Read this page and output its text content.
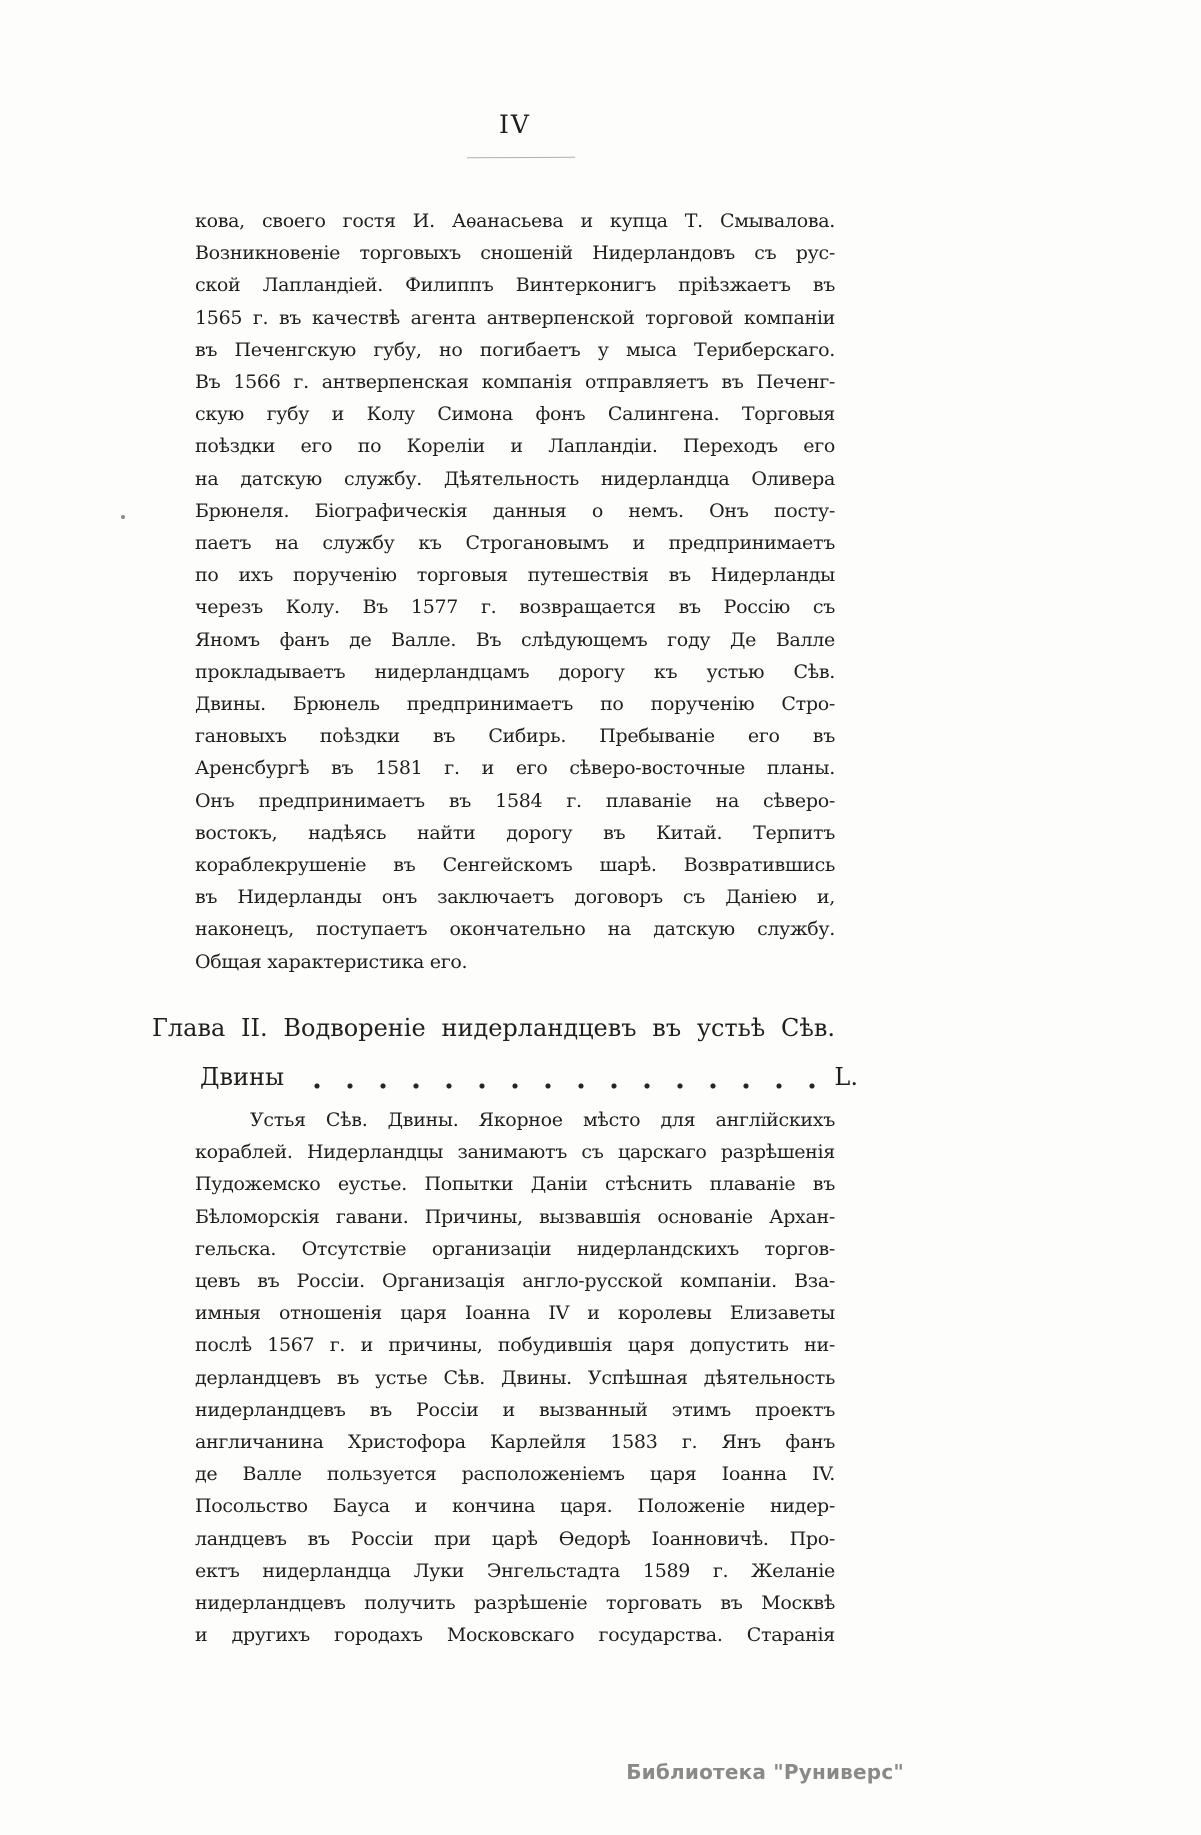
IV
кова, своего гостя И. Аѳанасьева и купца Т. Смывалова.
Возникновеніе торговыхъ сношеній Нидерландовъ съ рус-
ской Лапландіей. Филиппъ Винтерконигъ пріѣзжаетъ въ
1565 г. въ качествѣ агента антверпенской торговой компаніи
въ Печенгскую губу, но погибаетъ у мыса Териберскаго.
Въ 1566 г. антверпенская компанія отправляетъ въ Печенг-
скую губу и Колу Симона фонъ Салингена. Торговыя
поѣздки его по Кореліи и Лапландіи. Переходъ его
на датскую службу. Дѣятельность нидерландца Оливера
Брюнеля. Біографическія данныя о немъ. Онъ посту-
паетъ на службу къ Строгановымъ и предпринимаетъ
по ихъ порученію торговыя путешествія въ Нидерланды
черезъ Колу. Въ 1577 г. возвращается въ Россію съ
Яномъ фанъ де Валле. Въ слѣдующемъ году Де Валле
прокладываетъ нидерландцамъ дорогу къ устью Сѣв.
Двины. Брюнель предпринимаетъ по порученію Стро-
гановыхъ поѣздки въ Сибирь. Пребываніе его въ
Аренсбургѣ въ 1581 г. и его сѣверо-восточные планы.
Онъ предпринимаетъ въ 1584 г. плаваніе на сѣверо-
востокъ, надѣясь найти дорогу въ Китай. Терпитъ
кораблекрушеніе въ Сенгейскомъ шарѣ. Возвратившись
въ Нидерланды онъ заключаетъ договоръ съ Даніею и,
наконецъ, поступаетъ окончательно на датскую службу.
Общая характеристика его.
Глава II. Водвореніе нидерландцевъ въ устьѣ Сѣв.
Двины	L.
Устья Сѣв. Двины. Якорное мѣсто для англійскихъ
кораблей. Нидерландцы занимаютъ съ царскаго разрѣшенія
Пудожемско еустье. Попытки Даніи стѣснить плаваніе въ
Бѣломорскія гавани. Причины, вызвавшія основаніе Архан-
гельска. Отсутствіе организаціи нидерландскихъ торгов-
цевъ въ Россіи. Организація англо-русской компаніи. Вза-
имныя отношенія царя Іоанна IV и королевы Елизаветы
послѣ 1567 г. и причины, побудившія царя допустить ни-
дерландцевъ въ устье Сѣв. Двины. Успѣшная дѣятельность
нидерландцевъ въ Россіи и вызванный этимъ проектъ
англичанина Христофора Карлейля 1583 г. Янъ фанъ
де Валле пользуется расположеніемъ царя Іоанна IV.
Посольство Бауса и кончина царя. Положеніе нидер-
ландцевъ въ Россіи при царѣ Ѳедорѣ Іоанновичѣ. Про-
ектъ нидерландца Луки Энгельстадта 1589 г. Желаніе
нидерландцевъ получить разрѣшеніе торговать въ Москвѣ
и другихъ городахъ Московскаго государства. Старанія
Библиотека "Руниверс"
